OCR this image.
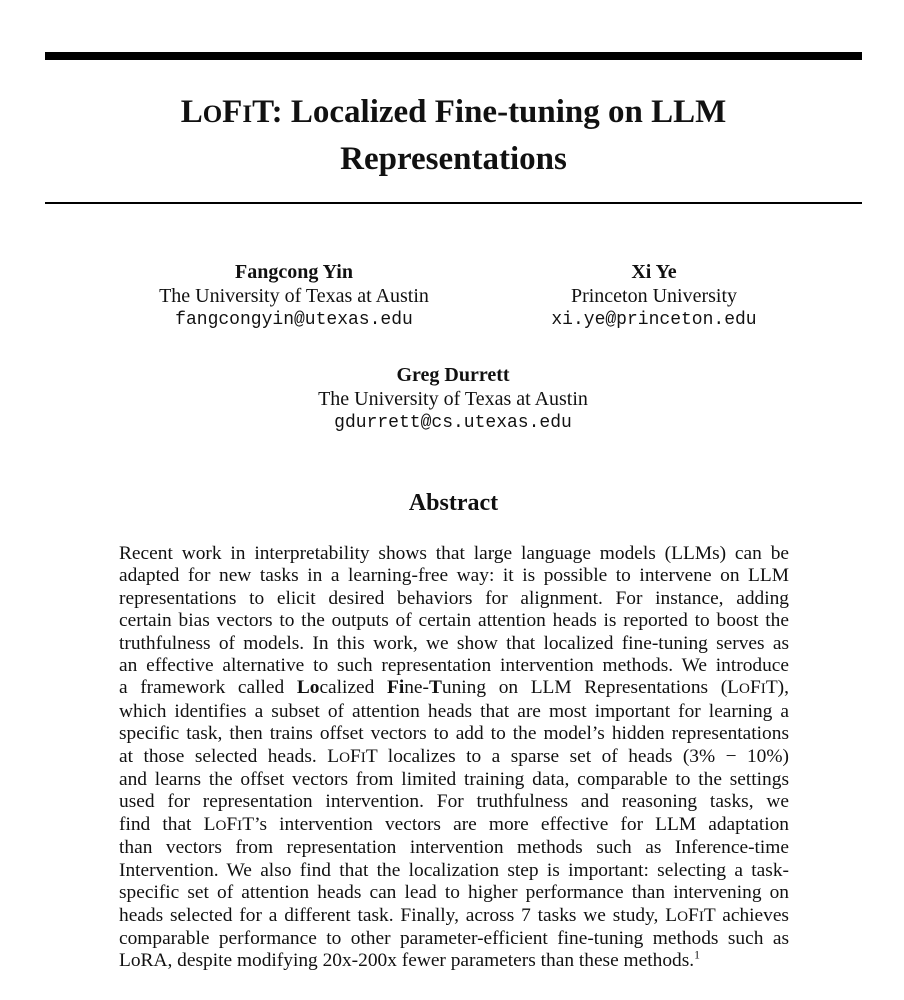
LOFIT: Localized Fine-tuning on LLM
Representations
Fangcong Yin
The University of Texas at Austin
fangcongyin@utexas.edu
Xi Ye
Princeton University
xi.ye@princeton.edu
Greg Durrett
The University of Texas at Austin
gdurrett@cs.utexas.edu
Abstract
Recent work in interpretability shows that large language models (LLMs) can be
adapted for new tasks in a learning-free way: it is possible to intervene on LLM
representations to elicit desired behaviors for alignment. For instance, adding
certain bias vectors to the outputs of certain attention heads is reported to boost the
truthfulness of models. In this work, we show that localized fine-tuning serves as
an effective alternative to such representation intervention methods. We introduce
a framework called Localized Fine-Tuning on LLM Representations (LOFIT),
which identifies a subset of attention heads that are most important for learning a
specific task, then trains offset vectors to add to the model’s hidden representations
at those selected heads. LOFIT localizes to a sparse set of heads (3% − 10%)
and learns the offset vectors from limited training data, comparable to the settings
used for representation intervention. For truthfulness and reasoning tasks, we
find that LOFIT’s intervention vectors are more effective for LLM adaptation
than vectors from representation intervention methods such as Inference-time
Intervention. We also find that the localization step is important: selecting a task-
specific set of attention heads can lead to higher performance than intervening on
heads selected for a different task. Finally, across 7 tasks we study, LOFIT achieves
comparable performance to other parameter-efficient fine-tuning methods such as
LoRA, despite modifying 20x-200x fewer parameters than these methods.$^1$
